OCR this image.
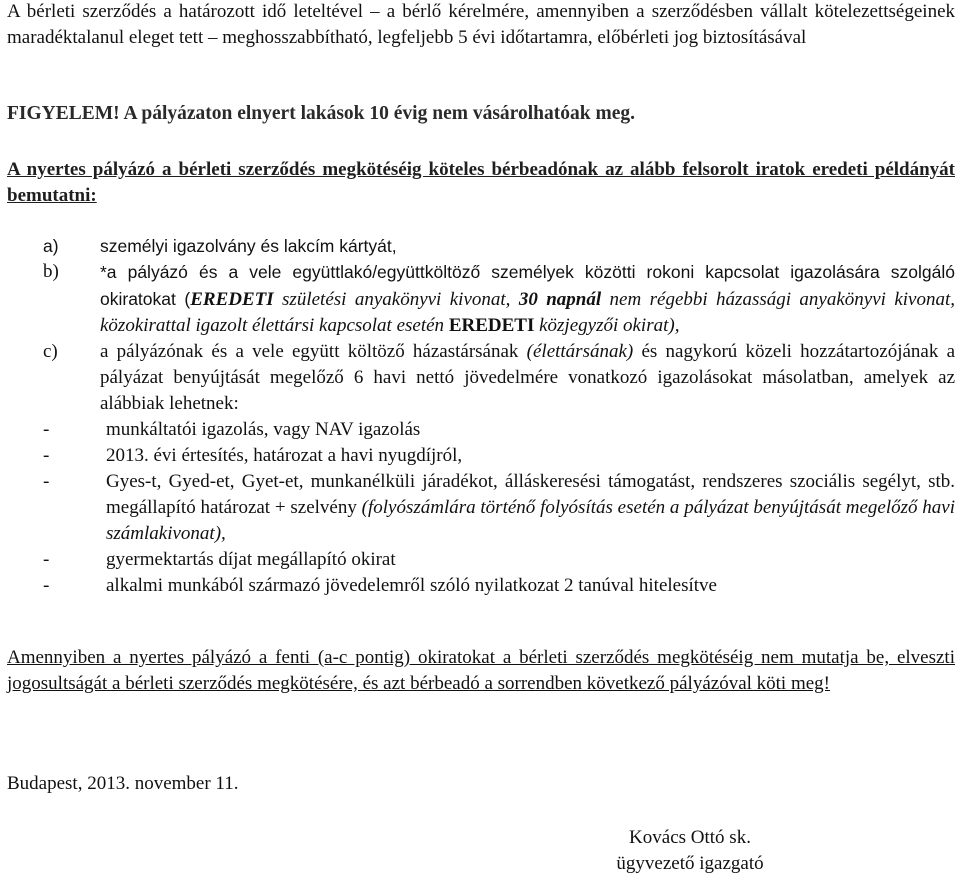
A bérleti szerződés a határozott idő leteltével – a bérlő kérelmére, amennyiben a szerződésben vállalt kötelezettségeinek maradéktalanul eleget tett – meghosszabbítható, legfeljebb 5 évi időtartamra, előbérleti jog biztosításával
FIGYELEM! A pályázaton elnyert lakások 10 évig nem vásárolhatóak meg.
A nyertes pályázó a bérleti szerződés megkötéséig köteles bérbeadónak az alább felsorolt iratok eredeti példányát bemutatni:
a) személyi igazolvány és lakcím kártyát,
b) *a pályázó és a vele együttlakó/együttköltöző személyek közötti rokoni kapcsolat igazolására szolgáló okiratokat (EREDETI születési anyakönyvi kivonat, 30 napnál nem régebbi házassági anyakönyvi kivonat, közokirattal igazolt élettársi kapcsolat esetén EREDETI közjegyzői okirat),
c) a pályázónak és a vele együtt költöző házastársának (élettársának) és nagykorú közeli hozzátartozójának a pályázat benyújtását megelőző 6 havi nettó jövedelmére vonatkozó igazolásokat másolatban, amelyek az alábbiak lehetnek:
-	munkáltatói igazolás, vagy NAV igazolás
-	2013. évi értesítés, határozat a havi nyugdíjról,
-	Gyes-t, Gyed-et, Gyet-et, munkanélküli járadékot, álláskeresési támogatást, rendszeres szociális segélyt, stb. megállapító határozat + szelvény (folyószámlára történő folyósítás esetén a pályázat benyújtását megelőző havi számlakivonat),
-	gyermektartás díjat megállapító okirat
-	alkalmi munkából származó jövedelemről szóló nyilatkozat 2 tanúval hitelesítve
Amennyiben a nyertes pályázó a fenti (a-c pontig) okiratokat a bérleti szerződés megkötéséig nem mutatja be, elveszti jogosultságát a bérleti szerződés megkötésére, és azt bérbeadó a sorrendben következő pályázóval köti meg!
Budapest, 2013. november 11.
Kovács Ottó sk.
ügyvezető igazgató
